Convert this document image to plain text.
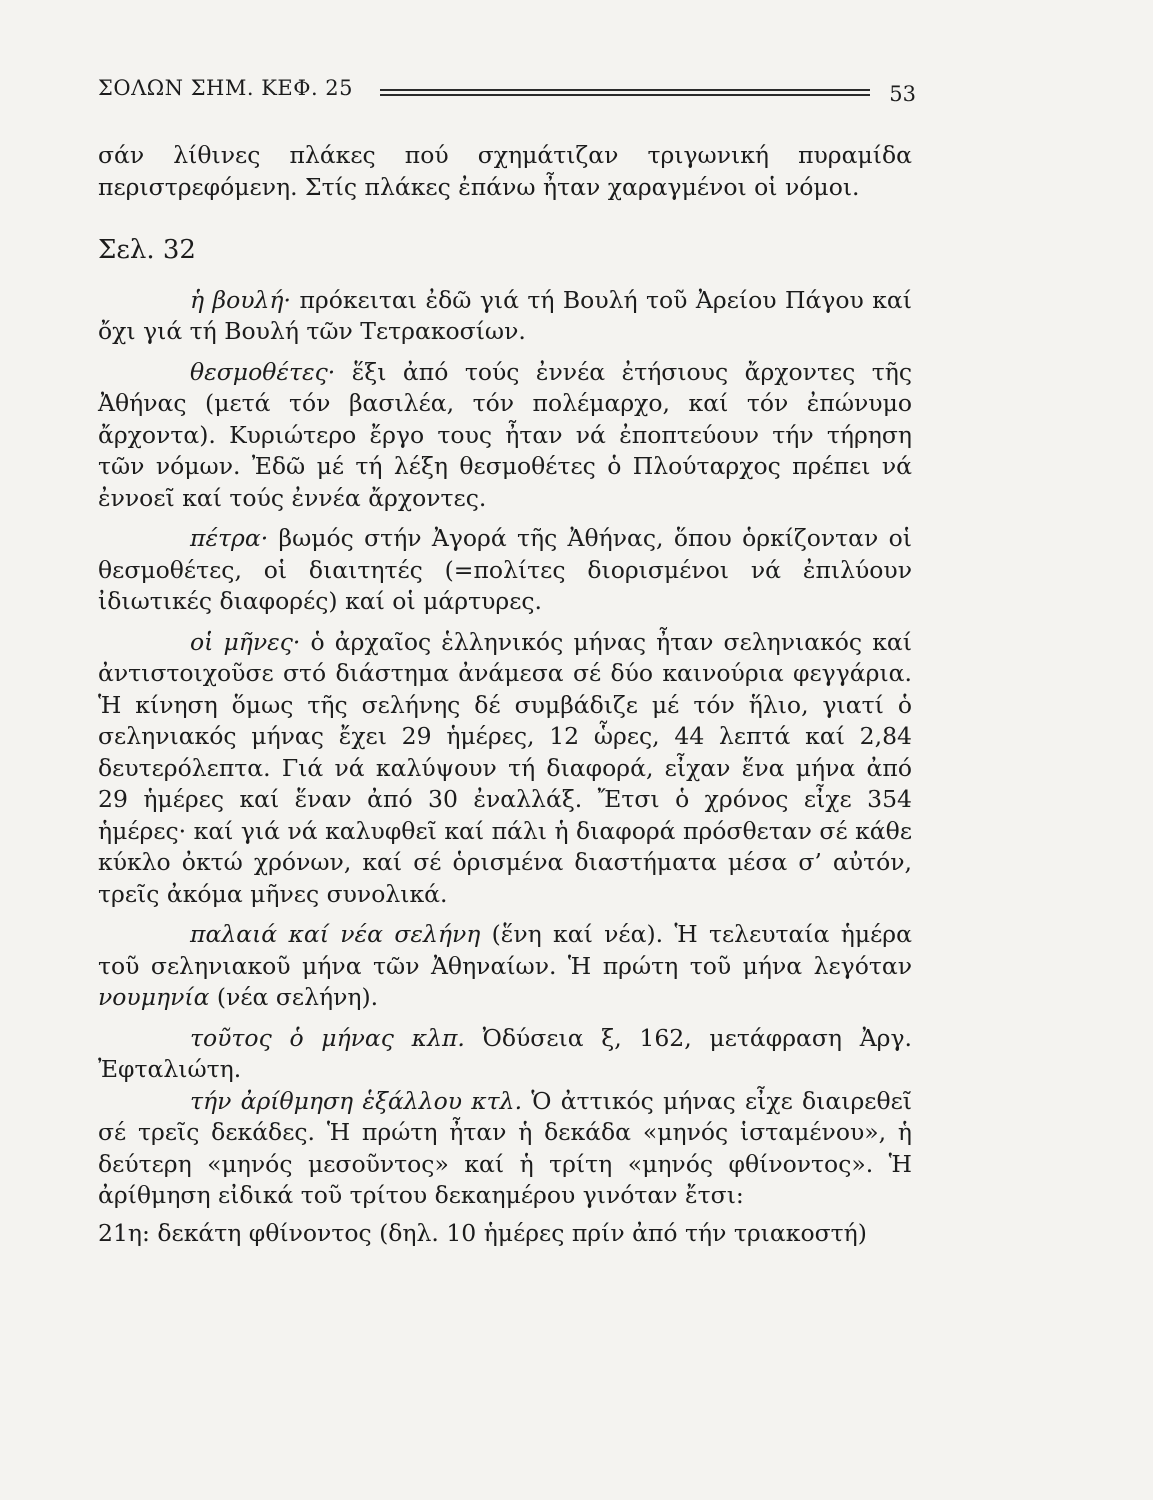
ΣΟΛΩΝ ΣΗΜ. ΚΕΦ. 25	53

σάν λίθινες πλάκες πού σχημάτιζαν τριγωνική πυραμίδα περιστρεφόμενη. Στίς πλάκες ἐπάνω ἦταν χαραγμένοι οἱ νόμοι.

Σελ. 32

ἡ βουλή· πρόκειται ἐδῶ γιά τή Βουλή τοῦ Ἀρείου Πάγου καί ὄχι γιά τή Βουλή τῶν Τετρακοσίων.

θεσμοθέτες· ἕξι ἀπό τούς ἐννέα ἐτήσιους ἄρχοντες τῆς Ἀθήνας (μετά τόν βασιλέα, τόν πολέμαρχο, καί τόν ἐπώνυμο ἄρχοντα). Κυριώτερο ἔργο τους ἦταν νά ἐποπτεύουν τήν τήρηση τῶν νόμων. Ἐδῶ μέ τή λέξη θεσμοθέτες ὁ Πλούταρχος πρέπει νά ἐννοεῖ καί τούς ἐννέα ἄρχοντες.

πέτρα· βωμός στήν Ἀγορά τῆς Ἀθήνας, ὅπου ὁρκίζονταν οἱ θεσμοθέτες, οἱ διαιτητές (=πολίτες διορισμένοι νά ἐπιλύουν ἰδιωτικές διαφορές) καί οἱ μάρτυρες.

οἱ μῆνες· ὁ ἀρχαῖος ἑλληνικός μήνας ἦταν σεληνιακός καί ἀντιστοιχοῦσε στό διάστημα ἀνάμεσα σέ δύο καινούρια φεγγάρια. Ἡ κίνηση ὅμως τῆς σελήνης δέ συμβάδιζε μέ τόν ἥλιο, γιατί ὁ σεληνιακός μήνας ἔχει 29 ἡμέρες, 12 ὧρες, 44 λεπτά καί 2,84 δευτερόλεπτα. Γιά νά καλύψουν τή διαφορά, εἶχαν ἕνα μήνα ἀπό 29 ἡμέρες καί ἕναν ἀπό 30 ἐναλλάξ. Ἔτσι ὁ χρόνος εἶχε 354 ἡμέρες· καί γιά νά καλυφθεῖ καί πάλι ἡ διαφορά πρόσθεταν σέ κάθε κύκλο ὀκτώ χρόνων, καί σέ ὁρισμένα διαστήματα μέσα σ’ αὐτόν, τρεῖς ἀκόμα μῆνες συνολικά.

παλαιά καί νέα σελήνη (ἕνη καί νέα). Ἡ τελευταία ἡμέρα τοῦ σεληνιακοῦ μήνα τῶν Ἀθηναίων. Ἡ πρώτη τοῦ μήνα λεγόταν νουμηνία (νέα σελήνη).

τοῦτος ὁ μήνας κλπ. Ὀδύσεια ξ, 162, μετάφραση Ἀργ. Ἐφταλιώτη.

τήν ἀρίθμηση ἑξάλλου κτλ. Ὁ ἀττικός μήνας εἶχε διαιρεθεῖ σέ τρεῖς δεκάδες. Ἡ πρώτη ἦταν ἡ δεκάδα «μηνός ἱσταμένου», ἡ δεύτερη «μηνός μεσοῦντος» καί ἡ τρίτη «μηνός φθίνοντος». Ἡ ἀρίθμηση εἰδικά τοῦ τρίτου δεκαημέρου γινόταν ἔτσι:

21η: δεκάτη φθίνοντος (δηλ. 10 ἡμέρες πρίν ἀπό τήν τριακοστή)
